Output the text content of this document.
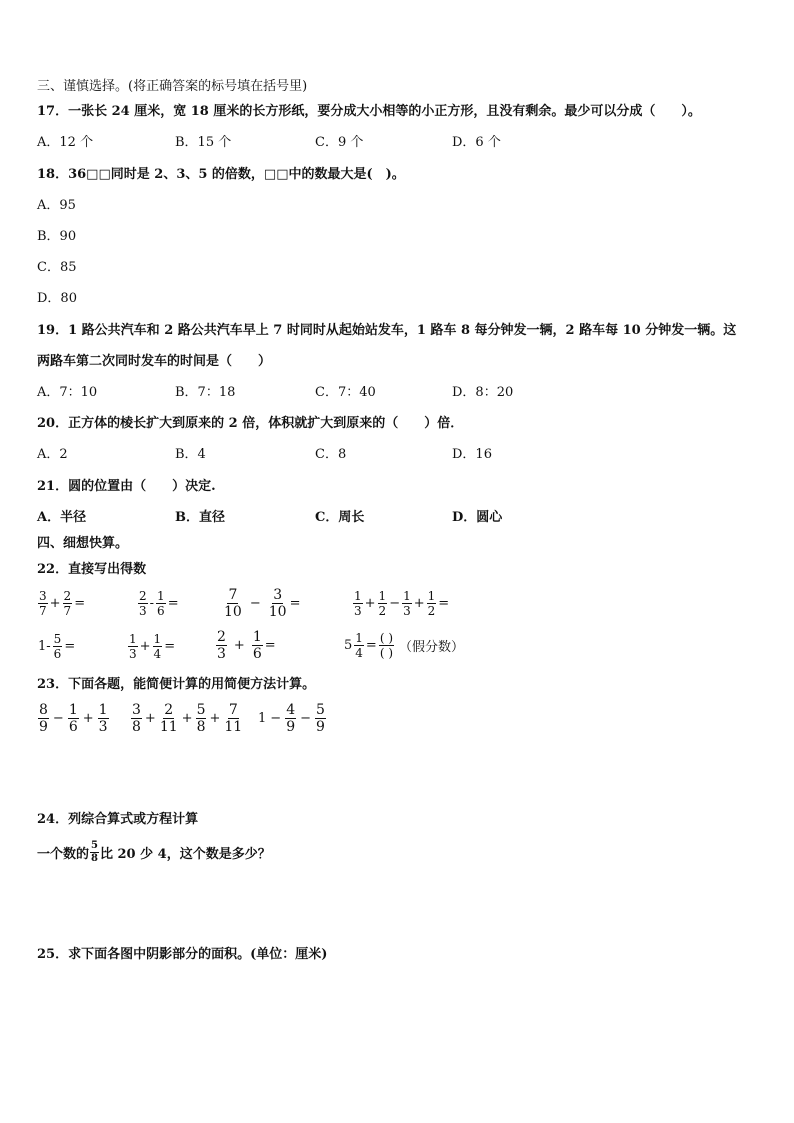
三、谨慎选择。(将正确答案的标号填在括号里)
17．一张长 24 厘米，宽 18 厘米的长方形纸，要分成大小相等的小正方形，且没有剩余。最少可以分成（　　）。
A．12 个	B．15 个	C．9 个	D．6 个
18．36□□同时是 2、3、5 的倍数，□□中的数最大是(　)。
A．95
B．90
C．85
D．80
19．1 路公共汽车和 2 路公共汽车早上 7 时同时从起始站发车，1 路车 8 每分钟发一辆，2 路车每 10 分钟发一辆。这
两路车第二次同时发车的时间是（　　）
A．7：10	B．7：18	C．7：40	D．8：20
20．正方体的棱长扩大到原来的 2 倍，体积就扩大到原来的（　　）倍．
A．2	B．4	C．8	D．16
21．圆的位置由（　　）决定.
A．半径	B．直径	C．周长	D．圆心
四、细想快算。
22．直接写出得数
$\frac{3}{7} + \frac{2}{7}$ =	$\frac{2}{3} - \frac{1}{6}$ =	$\frac{7}{10} - \frac{3}{10}$ =	$\frac{1}{3} + \frac{1}{2} - \frac{1}{3} + \frac{1}{2}$ =
$1- \frac{5}{6}$ =	$\frac{1}{3} + \frac{1}{4}$ =	$\frac{2}{3} + \frac{1}{6}$ =	$5 \frac{1}{4} = \frac{( )}{( )}$ （假分数）
23．下面各题，能简便计算的用简便方法计算。
$\frac{8}{9} - \frac{1}{6} + \frac{1}{3} \frac{3}{8} + \frac{2}{11} + \frac{5}{8} + \frac{7}{11} 1 - \frac{4}{9} - \frac{5}{9}$
24．列综合算式或方程计算
一个数的 $\frac{5}{8}$ 比 20 少 4，这个数是多少？
25．求下面各图中阴影部分的面积。(单位：厘米)
